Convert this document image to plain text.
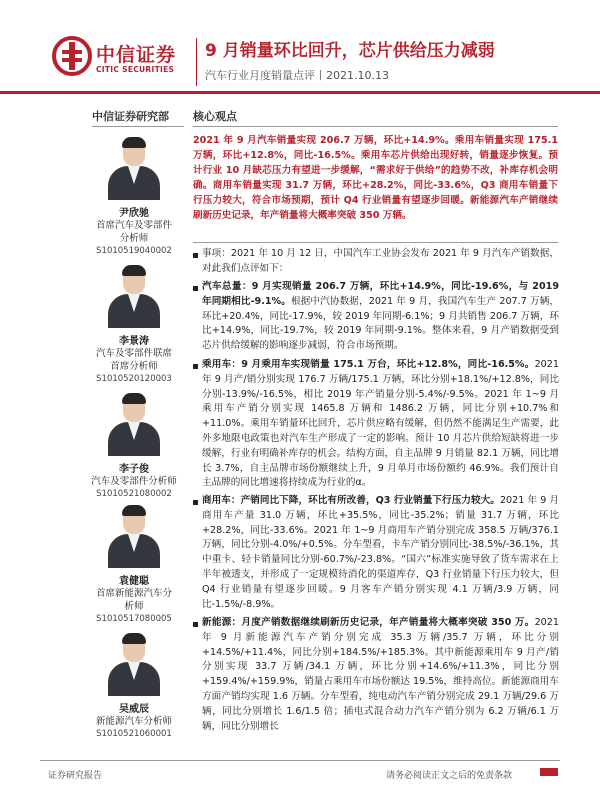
中信证券
CITIC SECURITIES
9 月销量环比回升，芯片供给压力减弱
汽车行业月度销量点评丨2021.10.13
中信证券研究部 核心观点
尹欣驰
首席汽车及零部件
分析师
S1010519040002
李景涛
汽车及零部件联席
首席分析师
S1010520120003
李子俊
汽车及零部件分析师
S1010521080002
袁健聪
首席新能源汽车分
析师
S1010517080005
吴威辰
新能源汽车分析师
S1010521060001
2021 年 9 月汽车销量实现 206.7 万辆，环比+14.9%。乘用车销量实现 175.1 万辆，环比+12.8%，同比-16.5%。乘用车芯片供给出现好转，销量逐步恢复。预计行业 10 月缺芯压力有望进一步缓解，“需求好于供给”的趋势不改，补库存机会明确。商用车销量实现 31.7 万辆，环比+28.2%，同比-33.6%，Q3 商用车销量下行压力较大，符合市场预期，预计 Q4 行业销量有望逐步回暖。新能源汽车产销继续刷新历史记录，年产销量将大概率突破 350 万辆。
事项：2021 年 10 月 12 日，中国汽车工业协会发布 2021 年 9 月汽车产销数据，对此我们点评如下：
汽车总量：9 月实现销量 206.7 万辆，环比+14.9%，同比-19.6%，与 2019 年同期相比-9.1%。根据中汽协数据，2021 年 9 月，我国汽车生产 207.7 万辆，环比+20.4%，同比-17.9%，较 2019 年同期-6.1%；9 月共销售 206.7 万辆，环比+14.9%，同比-19.7%，较 2019 年同期-9.1%。整体来看，9 月产销数据受到芯片供给缓解的影响逐步减弱，符合市场预期。
乘用车：9 月乘用车实现销量 175.1 万台，环比+12.8%，同比-16.5%。2021 年 9 月产/销分别实现 176.7 万辆/175.1 万辆，环比分别+18.1%/+12.8%，同比分别-13.9%/-16.5%，相比 2019 年产销量分别-5.4%/-9.5%。2021 年 1~9 月乘用车产销分别实现 1465.8 万辆和 1486.2 万辆，同比分别+10.7%和+11.0%。乘用车销量环比回升，芯片供应略有缓解，但仍然不能满足生产需要，此外多地限电政策也对汽车生产形成了一定的影响。预计 10 月芯片供给短缺将进一步缓解，行业有明确补库存的机会。结构方面，自主品牌 9 月销量 82.1 万辆，同比增长 3.7%，自主品牌市场份额继续上升，9 月单月市场份额约 46.9%。我们预计自主品牌的同比增速将持续成为行业的α。
商用车：产销同比下降，环比有所改善，Q3 行业销量下行压力较大。2021 年 9 月商用车产量 31.0 万辆，环比+35.5%，同比-35.2%；销量 31.7 万辆，环比+28.2%，同比-33.6%。2021 年 1~9 月商用车产销分别完成 358.5 万辆/376.1 万辆，同比分别-4.0%/+0.5%。分车型看，卡车产销分别同比-38.5%/-36.1%，其中重卡、轻卡销量同比分别-60.7%/-23.8%。“国六”标准实施导致了货车需求在上半年被透支，并形成了一定规模待消化的渠道库存，Q3 行业销量下行压力较大，但 Q4 行业销量有望逐步回暖。9 月客车产销分别实现 4.1 万辆/3.9 万辆，同比-1.5%/-8.9%。
新能源：月度产销数据继续刷新历史记录，年产销量将大概率突破 350 万。2021 年 9 月新能源汽车产销分别完成 35.3 万辆/35.7 万辆，环比分别+14.5%/+11.4%，同比分别+184.5%/+185.3%。其中新能源乘用车 9 月产/销分别实现 33.7 万辆/34.1 万辆，环比分别+14.6%/+11.3%，同比分别+159.4%/+159.9%，销量占乘用车市场份额达 19.5%，维持高位。新能源商用车方面产销均实现 1.6 万辆。分车型看，纯电动汽车产销分别完成 29.1 万辆/29.6 万辆，同比分别增长 1.6/1.5 倍；插电式混合动力汽车产销分别为 6.2 万辆/6.1 万辆，同比分别增长
证券研究报告	请务必阅读正文之后的免责条款
